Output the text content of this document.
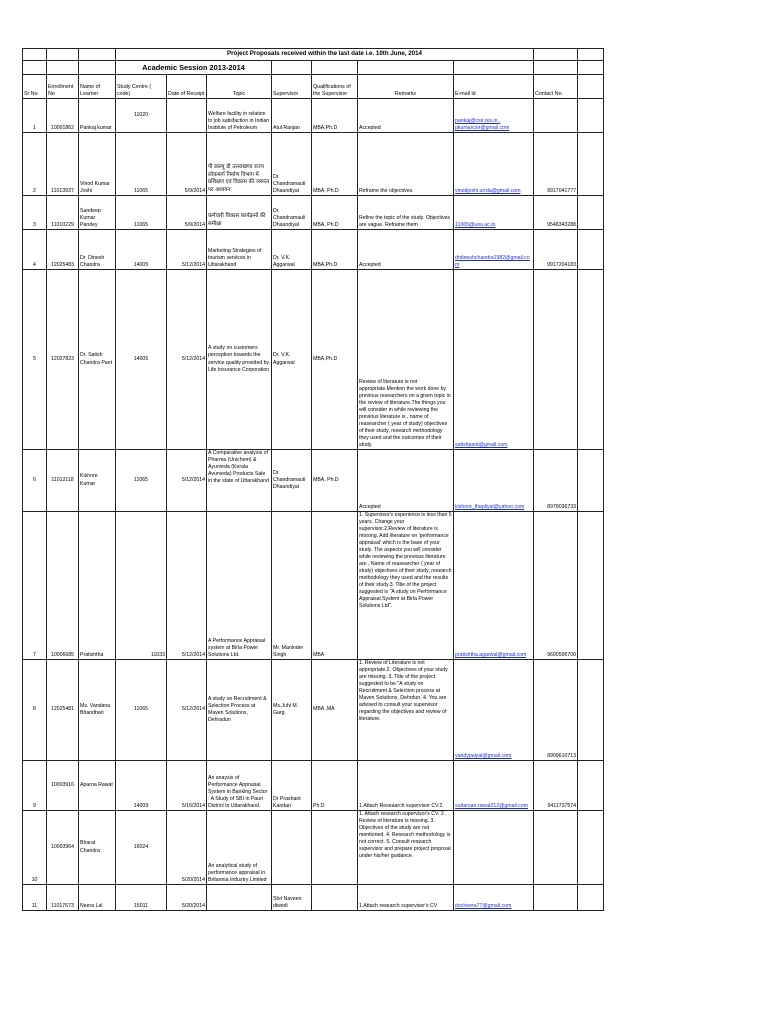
			Project Proposals received within the last date i.e. 10th June, 2014								
			Academic Session 2013-2014								
Sr No	Enrollment No	Name of Learner	Study Centre ( code)	Date of Receipt	Topic	Supervisor	Qualifications of the Supervisor	Remarks	E-mail id	Contact No.	
1	10001862	Pankaj kumar	11020		Welfare facility in relation to job satisfaction in Indian Institute of Petroleum	Atul Ranjan	MBA,Ph.D	Accepted	pankaj@csir.res.in ,
pkumarcsir@gmail.com		

2	11013937	Vinod Kumar Joshi	11065	5/9/2014	पी डब्ल्यू डी उत्तराखण्ड राज्य लोकमार्ग निर्माण विभाग में प्रशिक्षण एवं विकास की जरूरत पर अध्ययन	Dr. Chandramauli Dhaundiyal	MBA, Ph.D	Reframe the objectives.	vinodjoshi.urrda@gmail.com	9917041777	
3	11010229	Sandeep Kumar Pandey	11065	5/9/2014	कर्मचारी विकास कार्यक्रमों की समीक्षा	Dr. Chandramauli Dhaundiyal	MBA, Ph.D	Refine the topic of the study. Objectives are vague. Reframe them	11065@uou.ac.in	9548343288	
4	12025483	Dr. Dinesh Chandra	14005	5/12/2014	Marketing Strategies of tourism services in Uttarakhand	Dr. V.K. Aggarwal	MBA,Ph.D	Accepted	drdineshchandra1982@gmail.com	9917204183	
5	12027823	Dr. Satish Chandra Pant	14005	5/12/2014	A study on customers perception towards the service quality provided by Life Insurance Corporation	Dr. V.K. Aggarwal	MBA,Ph.D	Review of literature is not appropriate.Mention the work done by previous researchers on a given topic in the review of literature.The things you will consider in while reviewing the previous literature is , name of reasearcher ( year of study) objectives of their study, research methodology they used and the outcomes of their study.	satishpant@gmail.com		

6	11012118	Kishore Kumar	11065	5/12/2014	A Comparative analysis of Pharma (Unichem) & Ayurveda (Kerala Avurveda) Products Sale in the state of Uttarakhand	Dr. Chandramauli Dhaundiyal	MBA, Ph.D	Accepted	kishore_thapliyal@yahoo.com	8979036733	
7	10006685	Pratishtha	11033	5/12/2014	A Performance Appraisal system at Birla Power Solutions Ltd.	Mr. Maninder Singh	MBA	1. Supervisor's experience is less than 5 years. Change your supervisor.2.Review of literature is missing. Add literature on 'performance appraisal' which is the base of your study. The aspects you will consider while reviewing the previous literature are , Name of reasearcher ( year of study) objectives of their study, research methodology they used and the results of their study.3. Title of the project suggested is "A study on Performance Appraisal System at Birla Power Solutions Ltd".	pratishtha.agarwal@gmail.com	9690596700	
8	12025481	Ms. Vandana Bhandhari	11065	5/12/2014	A study on Recruitment & Selection Process at Maven Solutions, Dehradun	Ms.Juhi M. Garg	MBA ,MA	1. Review of Literature is not appropriate.2. Objectives of your study are missing. 3. Title of the project suggested to be "A study on Recruitment & Selection process at Maven Solutions, Dehrdun. 4. You are advised to consult your supervisor regarding the objectives and review of literature.	vandypalyal@gmail.com	8909610713	
9	10003916	Aparna Rawat	14009	5/16/2014	An anaysis of Performance Appraisal System in Banking Sector : A Study of SBI in Pauri District in Uttarakhand.	Dr Prashant Kandari	Ph.D	1.Attach Reseaarch supervisor CV.2.	sudarsan.rawat212@gmail.com	9411737574	
10	10003964	Bharat Chandra	16024	5/20/2014	An analytical study of performance appraisal in Britannia Industry Limited			1. Attach research supervisor's CV. 2. Review of literature is missing. 3. Objectives of the study are not mentioned. 4. Research methodology is not correct. 5. Consult research supervisor and prepare project proposal under his/her guidance.			
11	11017673	Neera Lal	15011	5/20/2014		Shri Naveen diwedi		1.Attach research supervisor's CV	docheera77@gmail.com		
